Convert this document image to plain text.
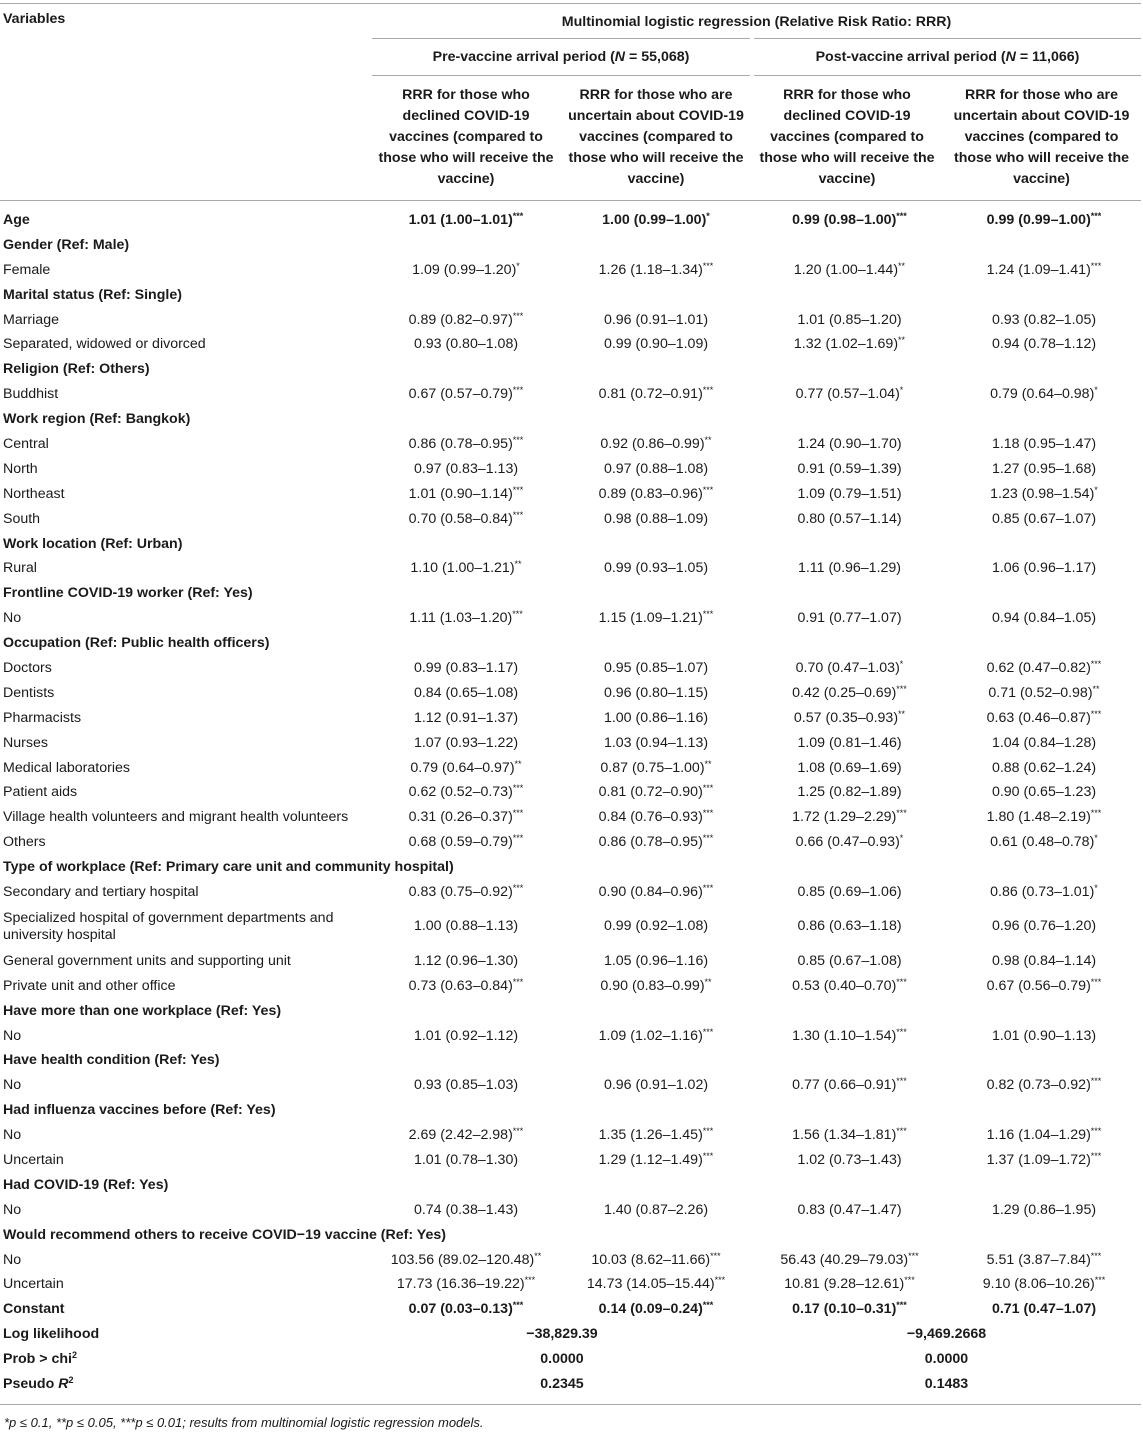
Variables	Multinomial logistic regression (Relative Risk Ratio: RRR)			
	Pre-vaccine arrival period (N = 55,068)		Post-vaccine arrival period (N = 11,066)	
	RRR for those who declined COVID-19 vaccines (compared to those who will receive the vaccine)	RRR for those who are uncertain about COVID-19 vaccines (compared to those who will receive the vaccine)	RRR for those who declined COVID-19 vaccines (compared to those who will receive the vaccine)	RRR for those who are uncertain about COVID-19 vaccines (compared to those who will receive the vaccine)

Age	1.01 (1.00–1.01)***	1.00 (0.99–1.00)*	0.99 (0.98–1.00)***	0.99 (0.99–1.00)***
Gender (Ref: Male)				
Female	1.09 (0.99–1.20)*	1.26 (1.18–1.34)***	1.20 (1.00–1.44)**	1.24 (1.09–1.41)***
Marital status (Ref: Single)				
Marriage	0.89 (0.82–0.97)***	0.96 (0.91–1.01)	1.01 (0.85–1.20)	0.93 (0.82–1.05)
Separated, widowed or divorced	0.93 (0.80–1.08)	0.99 (0.90–1.09)	1.32 (1.02–1.69)**	0.94 (0.78–1.12)
Religion (Ref: Others)				
Buddhist	0.67 (0.57–0.79)***	0.81 (0.72–0.91)***	0.77 (0.57–1.04)*	0.79 (0.64–0.98)*
Work region (Ref: Bangkok)				
Central	0.86 (0.78–0.95)***	0.92 (0.86–0.99)**	1.24 (0.90–1.70)	1.18 (0.95–1.47)
North	0.97 (0.83–1.13)	0.97 (0.88–1.08)	0.91 (0.59–1.39)	1.27 (0.95–1.68)
Northeast	1.01 (0.90–1.14)***	0.89 (0.83–0.96)***	1.09 (0.79–1.51)	1.23 (0.98–1.54)*
South	0.70 (0.58–0.84)***	0.98 (0.88–1.09)	0.80 (0.57–1.14)	0.85 (0.67–1.07)
Work location (Ref: Urban)				
Rural	1.10 (1.00–1.21)**	0.99 (0.93–1.05)	1.11 (0.96–1.29)	1.06 (0.96–1.17)
Frontline COVID-19 worker (Ref: Yes)				
No	1.11 (1.03–1.20)***	1.15 (1.09–1.21)***	0.91 (0.77–1.07)	0.94 (0.84–1.05)
Occupation (Ref: Public health officers)				
Doctors	0.99 (0.83–1.17)	0.95 (0.85–1.07)	0.70 (0.47–1.03)*	0.62 (0.47–0.82)***
Dentists	0.84 (0.65–1.08)	0.96 (0.80–1.15)	0.42 (0.25–0.69)***	0.71 (0.52–0.98)**
Pharmacists	1.12 (0.91–1.37)	1.00 (0.86–1.16)	0.57 (0.35–0.93)**	0.63 (0.46–0.87)***
Nurses	1.07 (0.93–1.22)	1.03 (0.94–1.13)	1.09 (0.81–1.46)	1.04 (0.84–1.28)
Medical laboratories	0.79 (0.64–0.97)**	0.87 (0.75–1.00)**	1.08 (0.69–1.69)	0.88 (0.62–1.24)
Patient aids	0.62 (0.52–0.73)***	0.81 (0.72–0.90)***	1.25 (0.82–1.89)	0.90 (0.65–1.23)
Village health volunteers and migrant health volunteers	0.31 (0.26–0.37)***	0.84 (0.76–0.93)***	1.72 (1.29–2.29)***	1.80 (1.48–2.19)***
Others	0.68 (0.59–0.79)***	0.86 (0.78–0.95)***	0.66 (0.47–0.93)*	0.61 (0.48–0.78)*
Type of workplace (Ref: Primary care unit and community hospital)				
Secondary and tertiary hospital	0.83 (0.75–0.92)***	0.90 (0.84–0.96)***	0.85 (0.69–1.06)	0.86 (0.73–1.01)*
Specialized hospital of government departments and university hospital	1.00 (0.88–1.13)	0.99 (0.92–1.08)	0.86 (0.63–1.18)	0.96 (0.76–1.20)
General government units and supporting unit	1.12 (0.96–1.30)	1.05 (0.96–1.16)	0.85 (0.67–1.08)	0.98 (0.84–1.14)
Private unit and other office	0.73 (0.63–0.84)***	0.90 (0.83–0.99)**	0.53 (0.40–0.70)***	0.67 (0.56–0.79)***
Have more than one workplace (Ref: Yes)				
No	1.01 (0.92–1.12)	1.09 (1.02–1.16)***	1.30 (1.10–1.54)***	1.01 (0.90–1.13)
Have health condition (Ref: Yes)				
No	0.93 (0.85–1.03)	0.96 (0.91–1.02)	0.77 (0.66–0.91)***	0.82 (0.73–0.92)***
Had influenza vaccines before (Ref: Yes)				
No	2.69 (2.42–2.98)***	1.35 (1.26–1.45)***	1.56 (1.34–1.81)***	1.16 (1.04–1.29)***
Uncertain	1.01 (0.78–1.30)	1.29 (1.12–1.49)***	1.02 (0.73–1.43)	1.37 (1.09–1.72)***
Had COVID-19 (Ref: Yes)				
No	0.74 (0.38–1.43)	1.40 (0.87–2.26)	0.83 (0.47–1.47)	1.29 (0.86–1.95)
Would recommend others to receive COVID−19 vaccine (Ref: Yes)				
No	103.56 (89.02–120.48)**	10.03 (8.62–11.66)***	56.43 (40.29–79.03)***	5.51 (3.87–7.84)***
Uncertain	17.73 (16.36–19.22)***	14.73 (14.05–15.44)***	10.81 (9.28–12.61)***	9.10 (8.06–10.26)***
Constant	0.07 (0.03–0.13)***	0.14 (0.09–0.24)***	0.17 (0.10–0.31)***	0.71 (0.47–1.07)
Log likelihood	−38,829.39		−9,469.2668	
Prob > chi$^2$	0.0000		0.0000	
Pseudo $R^2$	0.2345		0.1483	
*p ≤ 0.1, **p ≤ 0.05, ***p ≤ 0.01; results from multinomial logistic regression models.
